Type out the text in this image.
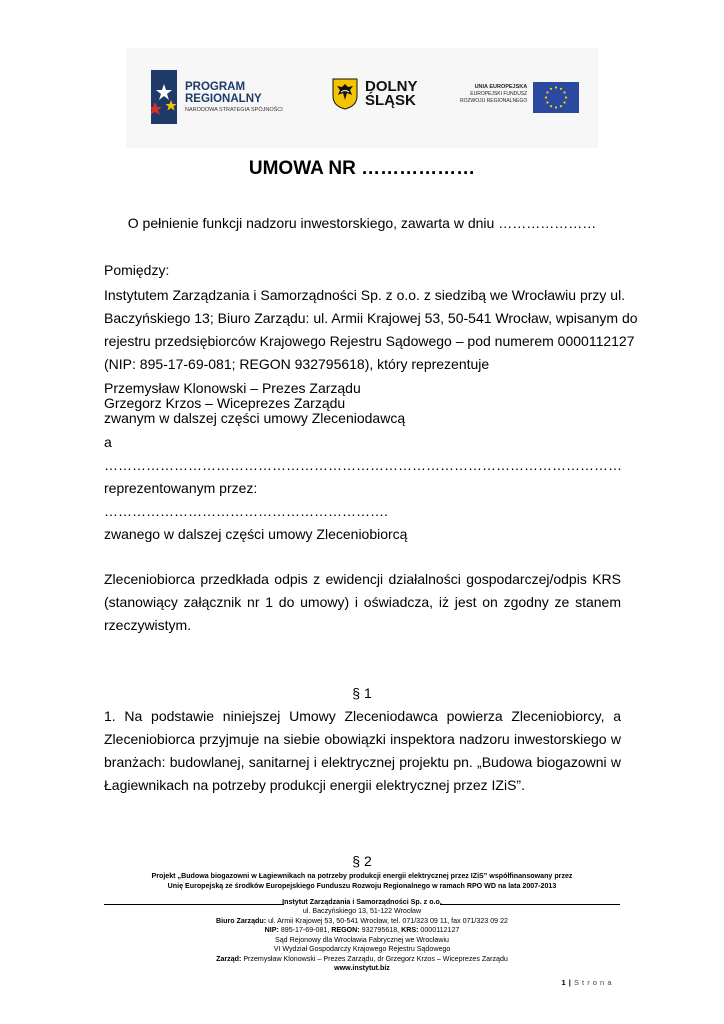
PROGRAM
REGIONALNY
NARODOWA STRATEGIA SPÓJNOŚCI
DOLNY
ŚLĄSK
UNIA EUROPEJSKA
EUROPEJSKI FUNDUSZ
ROZWOJU REGIONALNEGO
UMOWA NR ………………
O pełnienie funkcji nadzoru inwestorskiego, zawarta w dniu …………………
Pomiędzy:
Instytutem Zarządzania i Samorządności Sp. z o.o. z siedzibą we Wrocławiu przy ul.
Baczyńskiego 13; Biuro Zarządu: ul. Armii Krajowej 53, 50-541 Wrocław, wpisanym do
rejestru przedsiębiorców Krajowego Rejestru Sądowego – pod numerem 0000112127
(NIP: 895-17-69-081; REGON 932795618), który reprezentuje
Przemysław Klonowski – Prezes Zarządu
Grzegorz Krzos – Wiceprezes Zarządu
zwanym w dalszej części umowy Zleceniodawcą
a
…………………………………………………………………………………………………
reprezentowanym przez:
…………………………………………………….
zwanego w dalszej części umowy Zleceniobiorcą
Zleceniobiorca przedkłada odpis z ewidencji działalności gospodarczej/odpis KRS
(stanowiący załącznik nr 1 do umowy) i oświadcza, iż jest on zgodny ze stanem
rzeczywistym.
§ 1
1. Na podstawie niniejszej Umowy Zleceniodawca powierza Zleceniobiorcy, a
Zleceniobiorca przyjmuje na siebie obowiązki inspektora nadzoru inwestorskiego w
branżach: budowlanej, sanitarnej i elektrycznej projektu pn. „Budowa biogazowni w
Łagiewnikach na potrzeby produkcji energii elektrycznej przez IZiS”.
§ 2
Projekt „Budowa biogazowni w Łagiewnikach na potrzeby produkcji energii elektrycznej przez IZiS” współfinansowany przez
Unię Europejską ze środków Europejskiego Funduszu Rozwoju Regionalnego w ramach RPO WD na lata 2007-2013
Instytut Zarządzania i Samorządności Sp. z o.o.
ul. Baczyńskiego 13, 51-122 Wrocław
Biuro Zarządu: ul. Armii Krajowej 53, 50-541 Wrocław, tel. 071/323 09 11, fax 071/323 09 22
NIP: 895-17-69-081, REGON: 932795618, KRS: 0000112127
Sąd Rejonowy dla Wrocławia Fabrycznej we Wrocławiu
VI Wydział Gospodarczy Krajowego Rejestru Sądowego
Zarząd: Przemysław Klonowski – Prezes Zarządu, dr Grzegorz Krzos – Wiceprezes Zarządu
www.instytut.biz
1 | S t r o n a
